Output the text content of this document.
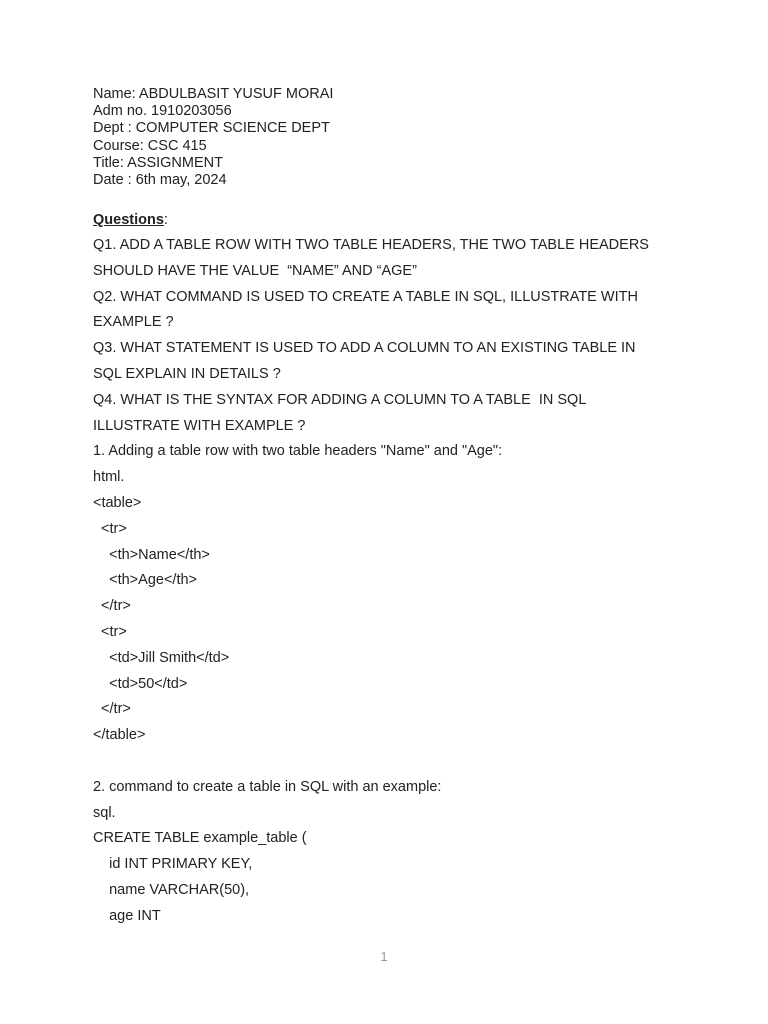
Name: ABDULBASIT YUSUF MORAI
Adm no. 1910203056
Dept : COMPUTER SCIENCE DEPT
Course: CSC 415
Title: ASSIGNMENT
Date : 6th may, 2024
Questions:
Q1. ADD A TABLE ROW WITH TWO TABLE HEADERS, THE TWO TABLE HEADERS
SHOULD HAVE THE VALUE  “NAME” AND “AGE”
Q2. WHAT COMMAND IS USED TO CREATE A TABLE IN SQL, ILLUSTRATE WITH
EXAMPLE ?
Q3. WHAT STATEMENT IS USED TO ADD A COLUMN TO AN EXISTING TABLE IN
SQL EXPLAIN IN DETAILS ?
Q4. WHAT IS THE SYNTAX FOR ADDING A COLUMN TO A TABLE  IN SQL
ILLUSTRATE WITH EXAMPLE ?
1. Adding a table row with two table headers "Name" and "Age":
html.
<table>
<tr>
<th>Name</th>
<th>Age</th>
</tr>
<tr>
<td>Jill Smith</td>
<td>50</td>
</tr>
</table>
2. command to create a table in SQL with an example:
sql.
CREATE TABLE example_table (
id INT PRIMARY KEY,
name VARCHAR(50),
age INT
1
